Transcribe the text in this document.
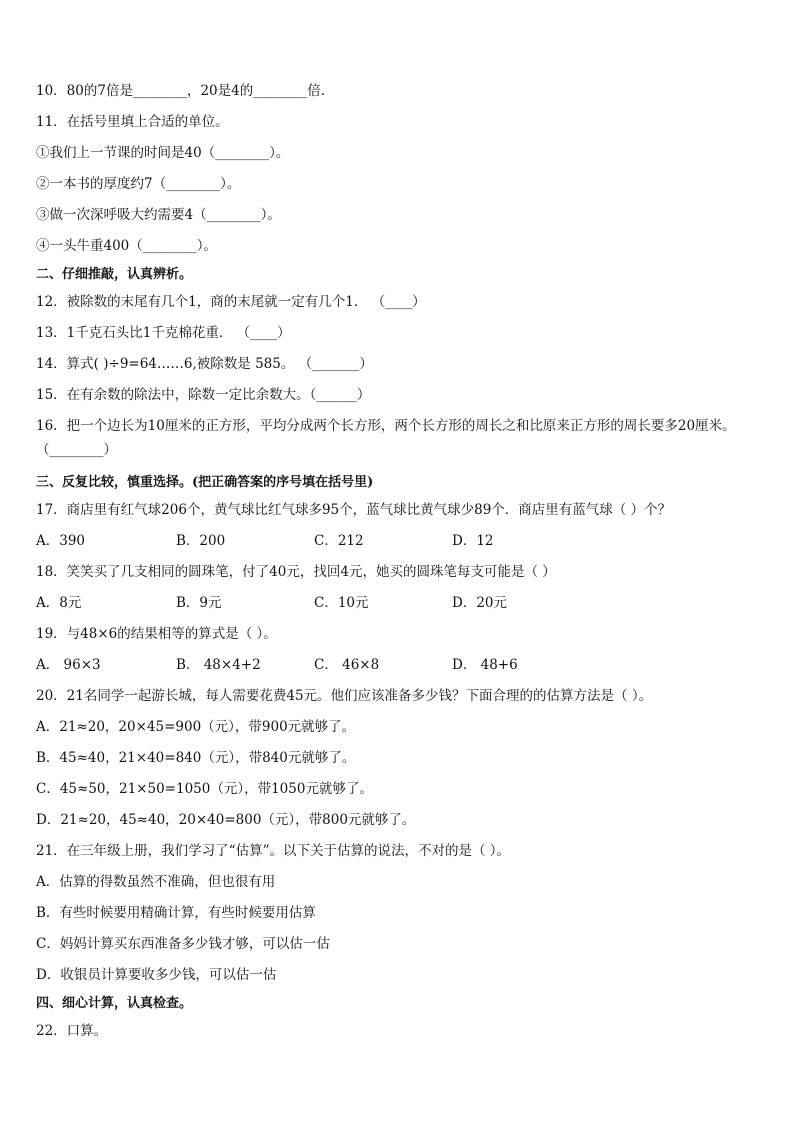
10．80的7倍是________，20是4的________倍．
11．在括号里填上合适的单位。
①我们上一节课的时间是40（________）。
②一本书的厚度约7（________）。
③做一次深呼吸大约需要4（________）。
④一头牛重400（________）。
二、仔细推敲，认真辨析。
12．被除数的末尾有几个1，商的末尾就一定有几个1． （____）
13．1千克石头比1千克棉花重． （____）
14．算式( )÷9=64……6,被除数是 585。 （_______）
15．在有余数的除法中，除数一定比余数大。（______）
16．把一个边长为10厘米的正方形，平均分成两个长方形，两个长方形的周长之和比原来正方形的周长要多20厘米。
（________）
三、反复比较，慎重选择。(把正确答案的序号填在括号里)
17．商店里有红气球206个，黄气球比红气球多95个，蓝气球比黄气球少89个．商店里有蓝气球（ ）个？
A．390	B．200	C．212	D．12
18．笑笑买了几支相同的圆珠笔，付了40元，找回4元，她买的圆珠笔每支可能是（ ）
A．8元	B．9元	C．10元	D．20元
19．与48×6的结果相等的算式是（ ）。
A． 96×3	B． 48×4+2	C． 46×8	D． 48+6
20．21名同学一起游长城，每人需要花费45元。他们应该准备多少钱？下面合理的的估算方法是（ ）。
A．21≈20，20×45=900（元），带900元就够了。
B．45≈40，21×40=840（元），带840元就够了。
C．45≈50，21×50=1050（元），带1050元就够了。
D．21≈20，45≈40，20×40=800（元），带800元就够了。
21．在三年级上册，我们学习了“估算”。以下关于估算的说法，不对的是（ ）。
A．估算的得数虽然不准确，但也很有用
B．有些时候要用精确计算，有些时候要用估算
C．妈妈计算买东西准备多少钱才够，可以估一估
D．收银员计算要收多少钱，可以估一估
四、细心计算，认真检查。
22．口算。
